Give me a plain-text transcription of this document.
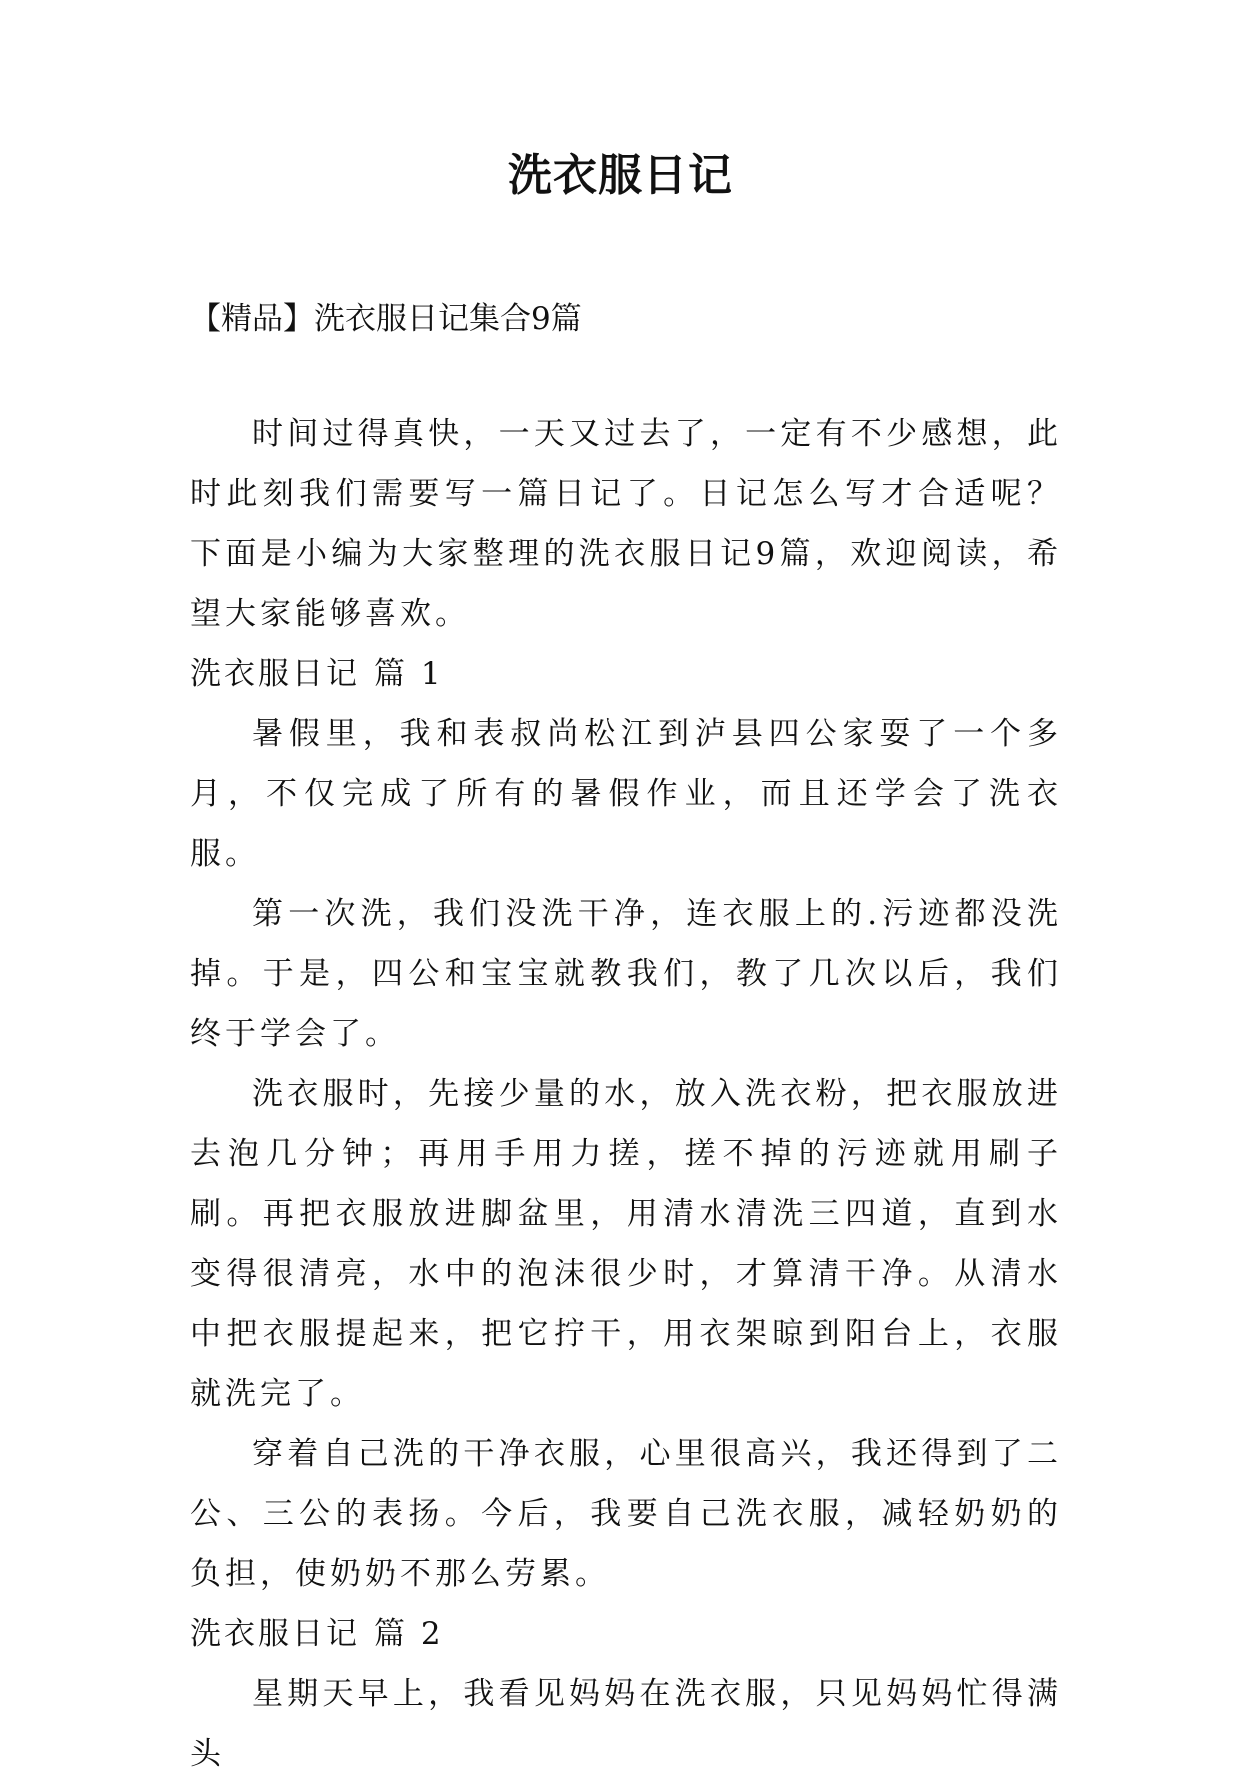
洗衣服日记

【精品】洗衣服日记集合9篇

时间过得真快，一天又过去了，一定有不少感想，此时此刻我们需要写一篇日记了。日记怎么写才合适呢？下面是小编为大家整理的洗衣服日记9篇，欢迎阅读，希望大家能够喜欢。

洗衣服日记 篇 1

暑假里，我和表叔尚松江到泸县四公家耍了一个多月，不仅完成了所有的暑假作业，而且还学会了洗衣服。

第一次洗，我们没洗干净，连衣服上的.污迹都没洗掉。于是，四公和宝宝就教我们，教了几次以后，我们终于学会了。

洗衣服时，先接少量的水，放入洗衣粉，把衣服放进去泡几分钟；再用手用力搓，搓不掉的污迹就用刷子刷。再把衣服放进脚盆里，用清水清洗三四道，直到水变得很清亮，水中的泡沫很少时，才算清干净。从清水中把衣服提起来，把它拧干，用衣架晾到阳台上，衣服就洗完了。

穿着自己洗的干净衣服，心里很高兴，我还得到了二公、三公的表扬。今后，我要自己洗衣服，减轻奶奶的负担，使奶奶不那么劳累。

洗衣服日记 篇 2

星期天早上，我看见妈妈在洗衣服，只见妈妈忙得满头
